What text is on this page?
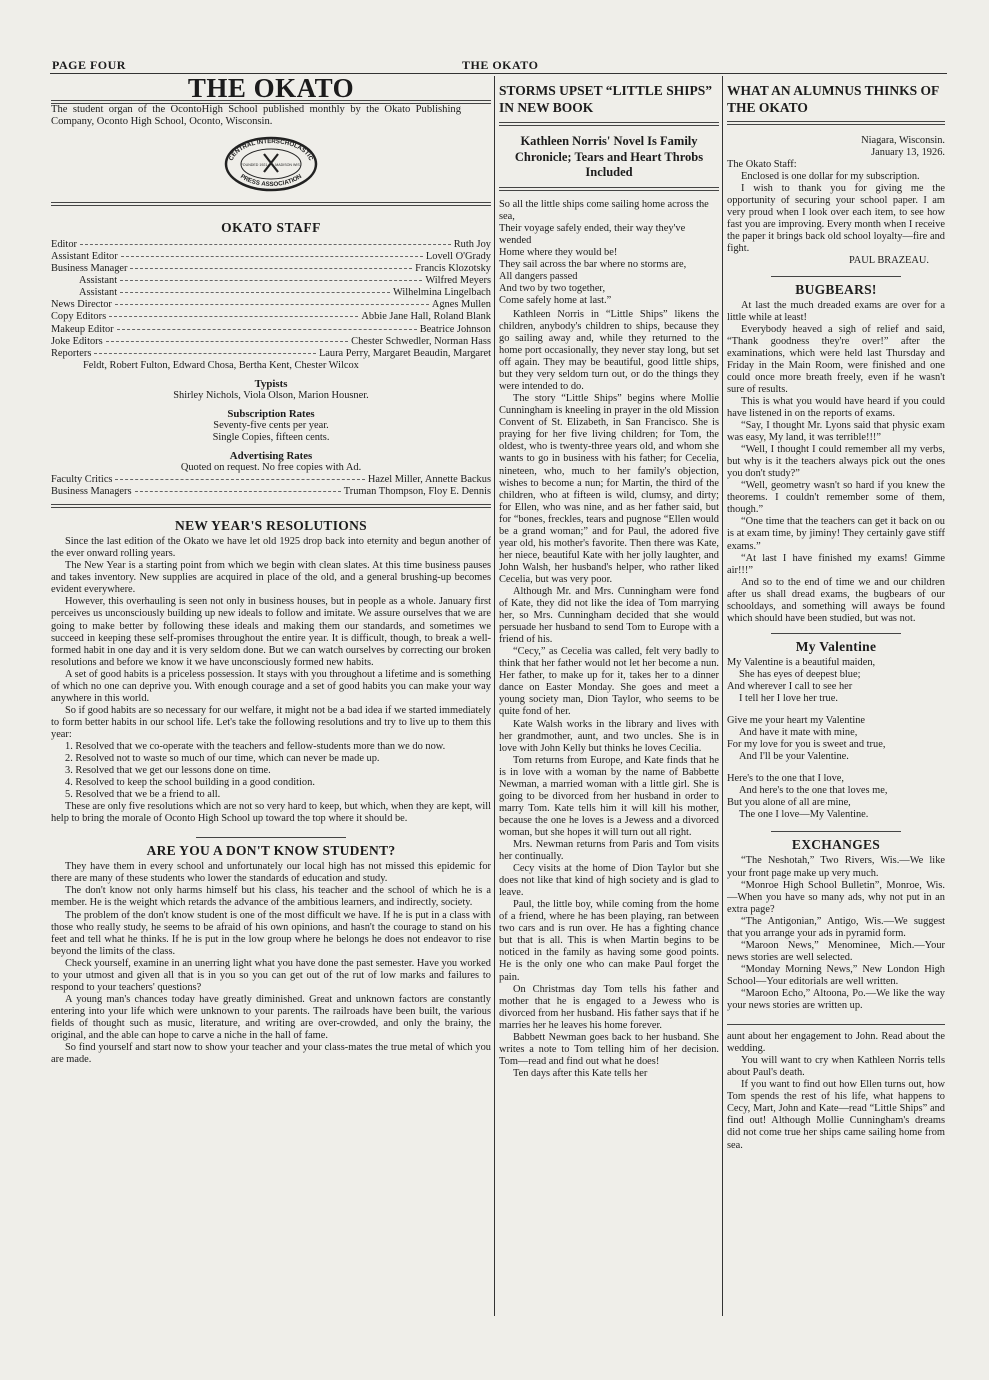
PAGE FOUR	THE OKATO
THE OKATO

The student organ of the OcontoHigh School published monthly by the Okato Publishing Company, Oconto High School, Oconto, Wisconsin.

CENTRAL INTERSCHOLASTIC
PRESS ASSOCIATION
FOUNDED 1921 MADISON WIS.
OKATO STAFF
Editor	Ruth Joy
Assistant Editor	Lovell O'Grady
Business Manager	Francis Klozotsky
Assistant	Wilfred Meyers
Assistant	Wilhelmina Lingelbach
News Director	Agnes Mullen
Copy Editors	Abbie Jane Hall, Roland Blank
Makeup Editor	Beatrice Johnson
Joke Editors	Chester Schwedler, Norman Hass
Reporters	Laura Perry, Margaret Beaudin, Margaret
Feldt, Robert Fulton, Edward Chosa, Bertha Kent, Chester Wilcox
Typists
Shirley Nichols, Viola Olson, Marion Housner.
Subscription Rates
Seventy-five cents per year.
Single Copies, fifteen cents.
Advertising Rates
Quoted on request. No free copies with Ad.
Faculty Critics	Hazel Miller, Annette Backus
Business Managers	Truman Thompson, Floy E. Dennis
NEW YEAR'S RESOLUTIONS

Since the last edition of the Okato we have let old 1925 drop back into eternity and begun another of the ever onward rolling years.

The New Year is a starting point from which we begin with clean slates. At this time business pauses and takes inventory. New supplies are acquired in place of the old, and a general brushing-up becomes evident everywhere.

However, this overhauling is seen not only in business houses, but in people as a whole. January first perceives us unconsciously building up new ideals to follow and imitate. We assure ourselves that we are going to make better by following these ideals and making them our standards, and sometimes we succeed in keeping these self-promises throughout the entire year. It is difficult, though, to break a well-formed habit in one day and it is very seldom done. But we can watch ourselves by correcting our broken resolutions and before we know it we have unconsciously formed new habits.

A set of good habits is a priceless possession. It stays with you throughout a lifetime and is something of which no one can deprive you. With enough courage and a set of good habits you can make your way anywhere in this world.

So if good habits are so necessary for our welfare, it might not be a bad idea if we started immediately to form better habits in our school life. Let's take the following resolutions and try to live up to them this year:

1. Resolved that we co-operate with the teachers and fellow-students more than we do now.

2. Resolved not to waste so much of our time, which can never be made up.

3. Resolved that we get our lessons done on time.

4. Resolved to keep the school building in a good condition.

5. Resolved that we be a friend to all.

These are only five resolutions which are not so very hard to keep, but which, when they are kept, will help to bring the morale of Oconto High School up toward the top where it should be.

ARE YOU A DON'T KNOW STUDENT?

They have them in every school and unfortunately our local high has not missed this epidemic for there are many of these students who lower the standards of education and study.

The don't know not only harms himself but his class, his teacher and the school of which he is a member. He is the weight which retards the advance of the ambitious learners, and indirectly, society.

The problem of the don't know student is one of the most difficult we have. If he is put in a class with those who really study, he seems to be afraid of his own opinions, and hasn't the courage to stand on his feet and tell what he thinks. If he is put in the low group where he belongs he does not endeavor to rise beyond the limits of the class.

Check yourself, examine in an unerring light what you have done the past semester. Have you worked to your utmost and given all that is in you so you can get out of the rut of low marks and failures to respond to your teachers' questions?

A young man's chances today have greatly diminished. Great and unknown factors are constantly entering into your life which were unknown to your parents. The railroads have been built, the various fields of thought such as music, literature, and writing are over-crowded, and only the brainy, the original, and the able can hope to carve a niche in the hall of fame.

So find yourself and start now to show your teacher and your class-mates the true metal of which you are made.

STORMS UPSET “LITTLE SHIPS” IN NEW BOOK
Kathleen Norris' Novel Is Family Chronicle; Tears and Heart Throbs Included
So all the little ships come sailing home across the sea,
Their voyage safely ended, their way they've wended
Home where they would be!
They sail across the bar where no storms are,
All dangers passed
And two by two together,
Come safely home at last.”

Kathleen Norris in “Little Ships” likens the children, anybody's children to ships, because they go sailing away and, while they returned to the home port occasionally, they never stay long, but set off again. They may be beautiful, good little ships, but they very seldom turn out, or do the things they were intended to do.

The story “Little Ships” begins where Mollie Cunningham is kneeling in prayer in the old Mission Convent of St. Elizabeth, in San Francisco. She is praying for her five living children; for Tom, the oldest, who is twenty-three years old, and whom she wants to go in business with his father; for Cecelia, nineteen, who, much to her family's objection, wishes to become a nun; for Martin, the third of the children, who at fifteen is wild, clumsy, and dirty; for Ellen, who was nine, and as her father said, but for “bones, freckles, tears and pugnose “Ellen would be a grand woman;” and for Paul, the adored five year old, his mother's favorite. Then there was Kate, her niece, beautiful Kate with her jolly laughter, and John Walsh, her husband's helper, who rather liked Cecelia, but was very poor.

Although Mr. and Mrs. Cunningham were fond of Kate, they did not like the idea of Tom marrying her, so Mrs. Cunningham decided that she would persuade her husband to send Tom to Europe with a friend of his.

“Cecy,” as Cecelia was called, felt very badly to think that her father would not let her become a nun. Her father, to make up for it, takes her to a dinner dance on Easter Monday. She goes and meet a young society man, Dion Taylor, who seems to be quite fond of her.

Kate Walsh works in the library and lives with her grandmother, aunt, and two uncles. She is in love with John Kelly but thinks he loves Cecilia.

Tom returns from Europe, and Kate finds that he is in love with a woman by the name of Babbette Newman, a married woman with a little girl. She is going to be divorced from her husband in order to marry Tom. Kate tells him it will kill his mother, because the one he loves is a Jewess and a divorced woman, but she hopes it will turn out all right.

Mrs. Newman returns from Paris and Tom visits her continually.

Cecy visits at the home of Dion Taylor but she does not like that kind of high society and is glad to leave.

Paul, the little boy, while coming from the home of a friend, where he has been playing, ran between two cars and is run over. He has a fighting chance but that is all. This is when Martin begins to be noticed in the family as having some good points. He is the only one who can make Paul forget the pain.

On Christmas day Tom tells his father and mother that he is engaged to a Jewess who is divorced from her husband. His father says that if he marries her he leaves his home forever.

Babbett Newman goes back to her husband. She writes a note to Tom telling him of her decision. Tom—read and find out what he does!

Ten days after this Kate tells her

WHAT AN ALUMNUS THINKS OF THE OKATO
Niagara, Wisconsin.
January 13, 1926.
The Okato Staff:

Enclosed is one dollar for my subscription.

I wish to thank you for giving me the opportunity of securing your school paper. I am very proud when I look over each item, to see how fast you are improving. Every month when I receive the paper it brings back old school loyalty—fire and fight.

PAUL BRAZEAU.
BUGBEARS!

At last the much dreaded exams are over for a little while at least!

Everybody heaved a sigh of relief and said, “Thank goodness they're over!” after the examinations, which were held last Thursday and Friday in the Main Room, were finished and one could once more breath freely, even if he wasn't sure of results.

This is what you would have heard if you could have listened in on the reports of exams.

“Say, I thought Mr. Lyons said that physic exam was easy, My land, it was terrible!!!”

“Well, I thought I could remember all my verbs, but why is it the teachers always pick out the ones you don't study?”

“Well, geometry wasn't so hard if you knew the theorems. I couldn't remember some of them, though.”

“One time that the teachers can get it back on ou is at exam time, by jiminy! They certainly gave stiff exams.”

“At last I have finished my exams! Gimme air!!!”

And so to the end of time we and our children after us shall dread exams, the bugbears of our schooldays, and something will aways be found which should have been studied, but was not.

My Valentine
My Valentine is a beautiful maiden,
She has eyes of deepest blue;
And wherever I call to see her
I tell her I love her true.
Give me your heart my Valentine
And have it mate with mine,
For my love for you is sweet and true,
And I'll be your Valentine.
Here's to the one that I love,
And here's to the one that loves me,
But you alone of all are mine,
The one I love—My Valentine.
EXCHANGES

“The Neshotah,” Two Rivers, Wis.—We like your front page make up very much.

“Monroe High School Bulletin”, Monroe, Wis.—When you have so many ads, why not put in an extra page?

“The Antigonian,” Antigo, Wis.—We suggest that you arrange your ads in pyramid form.

“Maroon News,” Menominee, Mich.—Your news stories are well selected.

“Monday Morning News,” New London High School—Your editorials are well written.

“Maroon Echo,” Altoona, Po.—We like the way your news stories are written up.

aunt about her engagement to John. Read about the wedding.

You will want to cry when Kathleen Norris tells about Paul's death.

If you want to find out how Ellen turns out, how Tom spends the rest of his life, what happens to Cecy, Mart, John and Kate—read “Little Ships” and find out! Although Mollie Cunningham's dreams did not come true her ships came sailing home from sea.
